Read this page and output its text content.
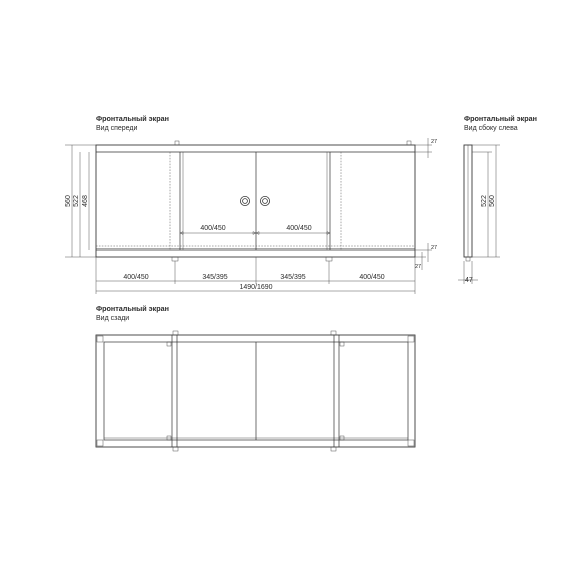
Фронтальный экран
Вид спереди
400/450	400/450
560 522 468
27
27
27
400/450	345/395	345/395	400/450
1490/1690
Фронтальный экран
Вид сбоку слева
522 560
47
Фронтальный экран
Вид сзади
